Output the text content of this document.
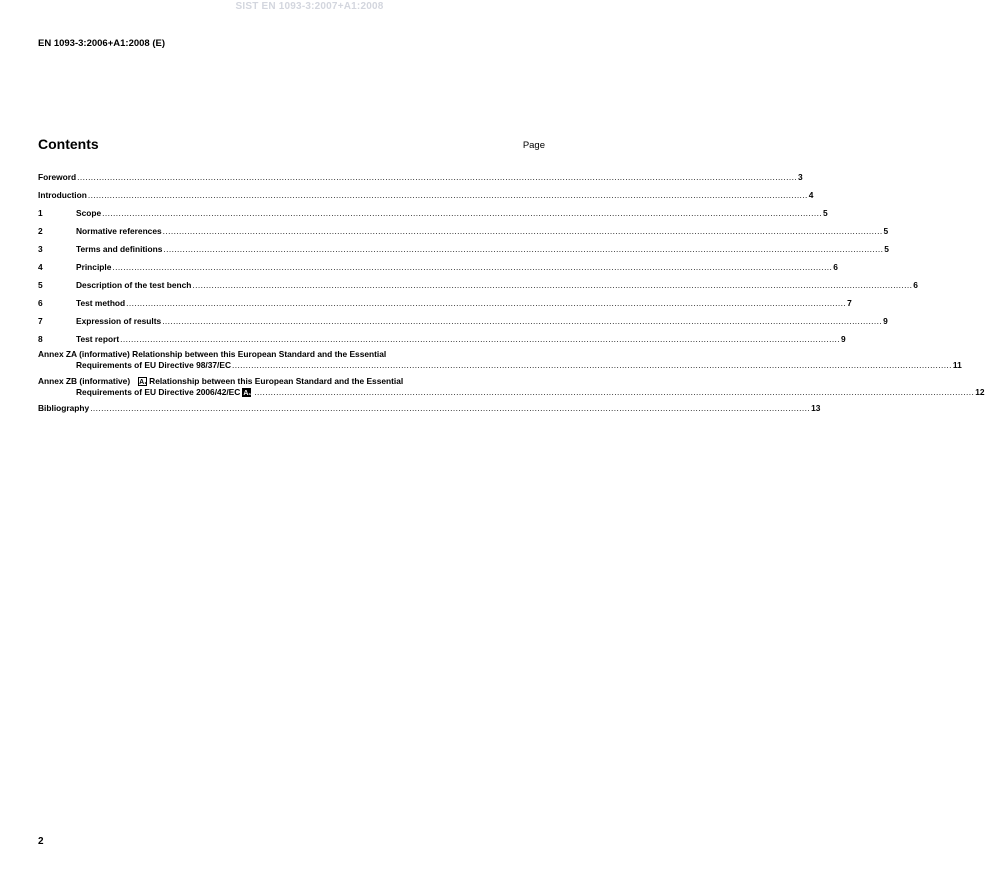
SIST EN 1093-3:2007+A1:2008
EN 1093-3:2006+A1:2008 (E)
Contents	Page
Foreword ........................................................................................................................................................................................................................................................................ 3
Introduction ........................................................................................................................................................................................................................................................................ 4
1	Scope ........................................................................................................................................................................................................................................................................ 5
2	Normative references ........................................................................................................................................................................................................................................................................ 5
3	Terms and definitions ........................................................................................................................................................................................................................................................................ 5
4	Principle ........................................................................................................................................................................................................................................................................ 6
5	Description of the test bench ........................................................................................................................................................................................................................................................................ 6
6	Test method ........................................................................................................................................................................................................................................................................ 7
7	Expression of results ........................................................................................................................................................................................................................................................................ 9
8	Test report ........................................................................................................................................................................................................................................................................ 9
Annex ZA (informative) Relationship between this European Standard and the Essential
Requirements of EU Directive 98/37/EC ........................................................................................................................................................................................................................................................................ 11
Annex ZB (informative) A₁ Relationship between this European Standard and the Essential
Requirements of EU Directive 2006/42/EC A₁ ........................................................................................................................................................................................................................................................................ 12
Bibliography ........................................................................................................................................................................................................................................................................ 13
2
